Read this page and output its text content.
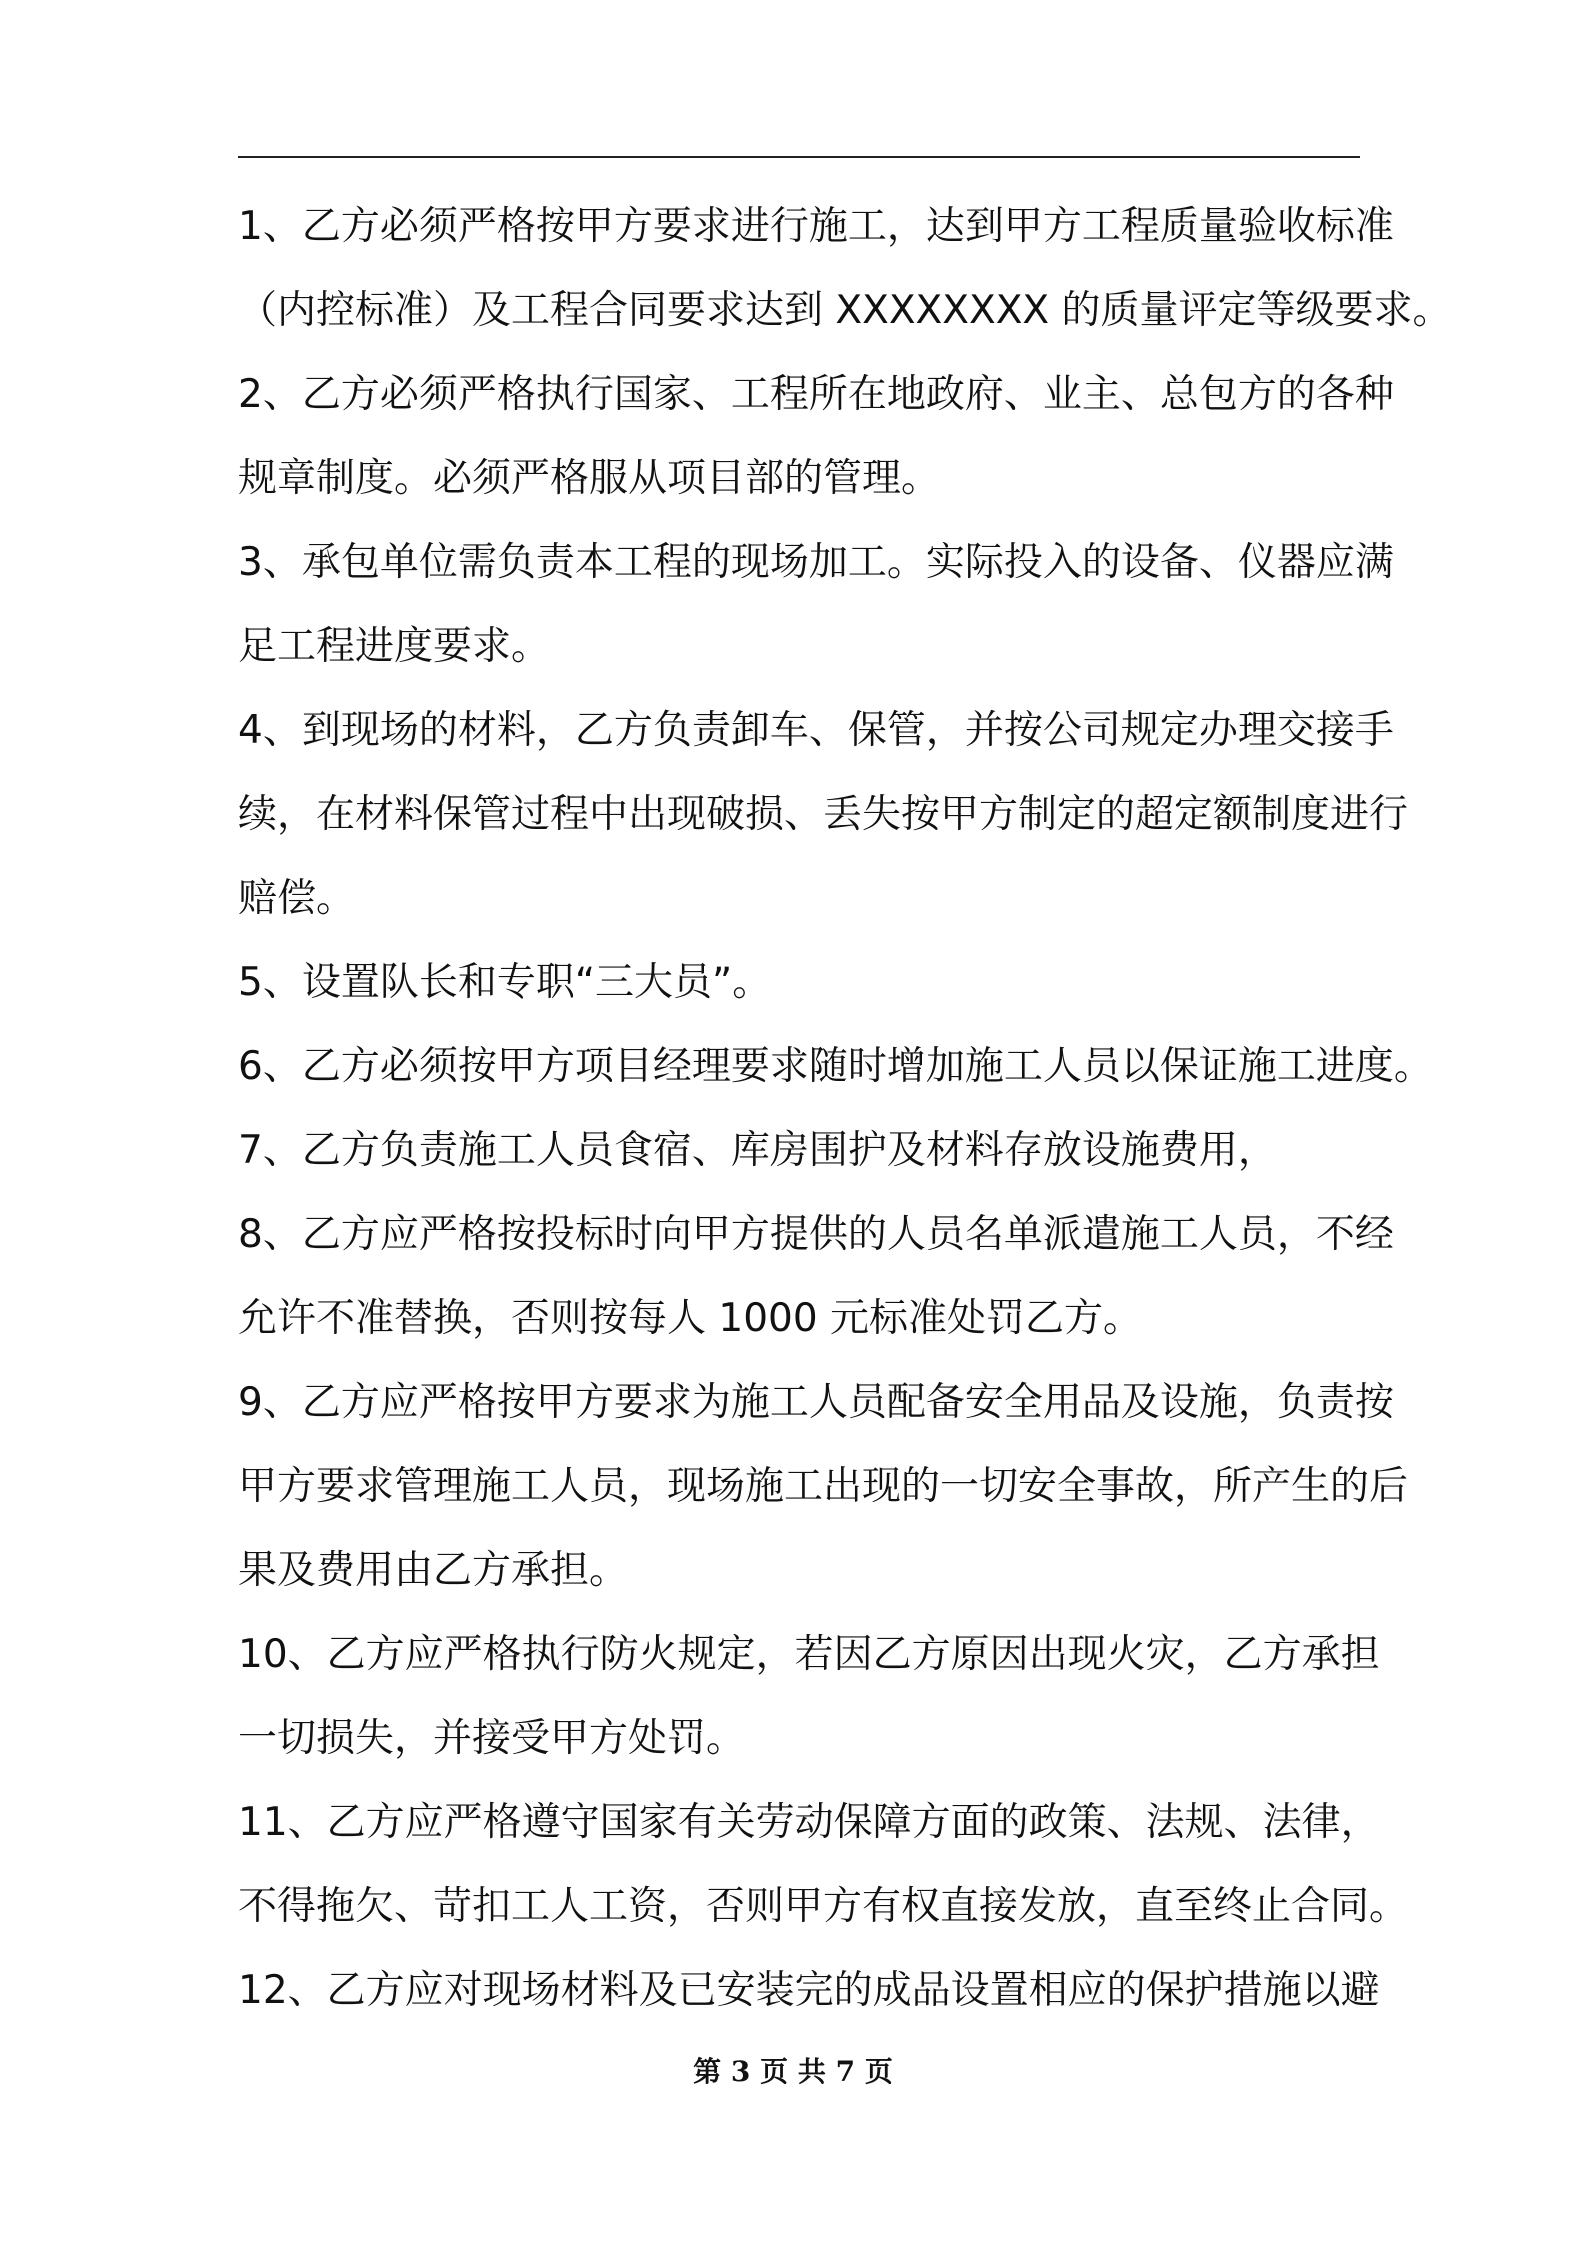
1、乙方必须严格按甲方要求进行施工，达到甲方工程质量验收标准
（内控标准）及工程合同要求达到 XXXXXXXX 的质量评定等级要求。
2、乙方必须严格执行国家、工程所在地政府、业主、总包方的各种
规章制度。必须严格服从项目部的管理。
3、承包单位需负责本工程的现场加工。实际投入的设备、仪器应满
足工程进度要求。
4、到现场的材料，乙方负责卸车、保管，并按公司规定办理交接手
续，在材料保管过程中出现破损、丢失按甲方制定的超定额制度进行
赔偿。
5、设置队长和专职“三大员”。
6、乙方必须按甲方项目经理要求随时增加施工人员以保证施工进度。
7、乙方负责施工人员食宿、库房围护及材料存放设施费用，
8、乙方应严格按投标时向甲方提供的人员名单派遣施工人员，不经
允许不准替换，否则按每人 1000 元标准处罚乙方。
9、乙方应严格按甲方要求为施工人员配备安全用品及设施，负责按
甲方要求管理施工人员，现场施工出现的一切安全事故，所产生的后
果及费用由乙方承担。
10、乙方应严格执行防火规定，若因乙方原因出现火灾，乙方承担
一切损失，并接受甲方处罚。
11、乙方应严格遵守国家有关劳动保障方面的政策、法规、法律，
不得拖欠、苛扣工人工资，否则甲方有权直接发放，直至终止合同。
12、乙方应对现场材料及已安装完的成品设置相应的保护措施以避
第 3 页 共 7 页
